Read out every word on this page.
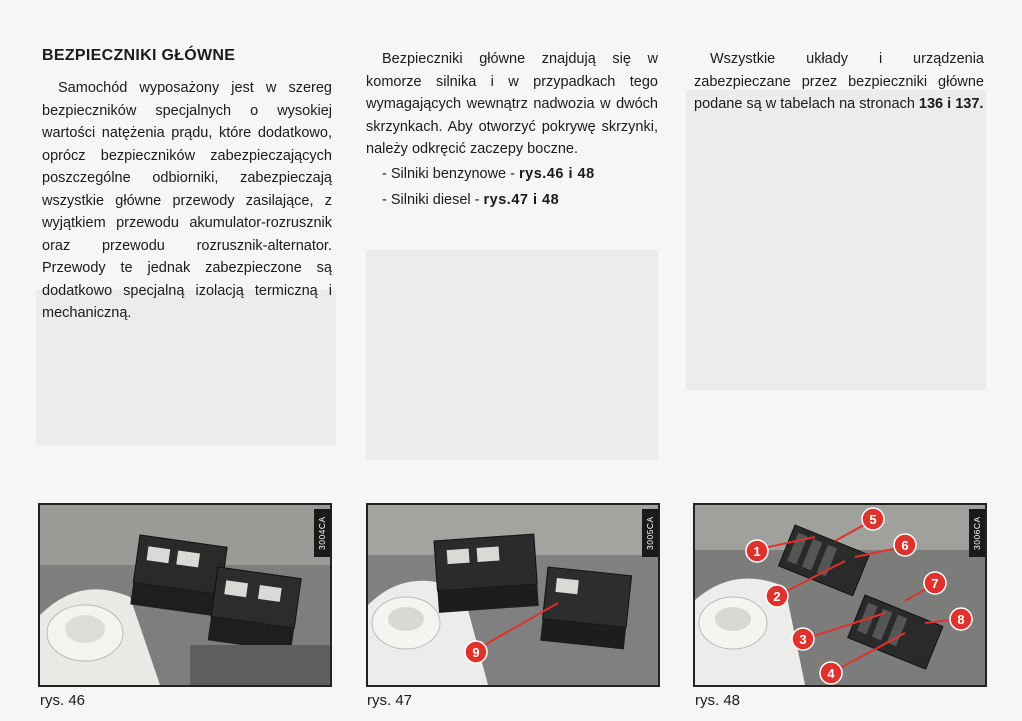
BEZPIECZNIKI GŁÓWNE

Samochód wyposażony jest w szereg bezpieczników specjalnych o wysokiej wartości natężenia prądu, które dodatkowo, oprócz bezpieczników zabezpieczających poszczególne odbiorniki, zabezpieczają wszystkie główne przewody zasilające, z wyjątkiem przewodu akumulator-rozrusznik oraz przewodu rozrusznik-alternator. Przewody te jednak zabezpieczone są dodatkowo specjalną izolacją termiczną i mechaniczną.

Bezpieczniki główne znajdują się w komorze silnika i w przypadkach tego wymagających wewnątrz nadwozia w dwóch skrzynkach. Aby otworzyć pokrywę skrzynki, należy odkręcić zaczepy boczne.

- Silniki benzynowe - rys.46 i 48
- Silniki diesel - rys.47 i 48

Wszystkie układy i urządzenia zabezpieczane przez bezpieczniki główne podane są w tabelach na stronach 136 i 137.

3004CA
rys. 46
9
3005CA
rys. 47
1
2
3
4
5
6
7
8
3006CA
rys. 48
